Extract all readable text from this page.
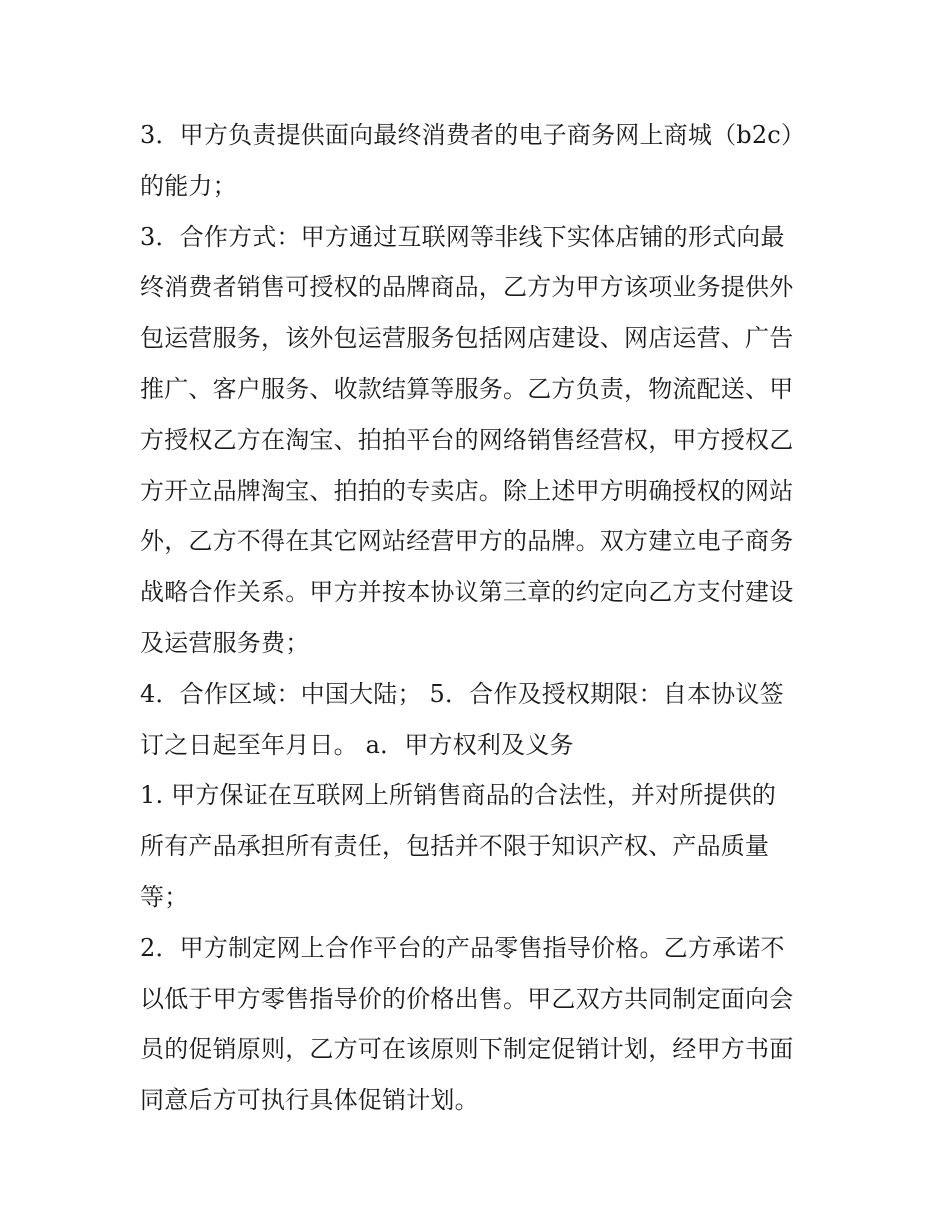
3．甲方负责提供面向最终消费者的电子商务网上商城（b2c）
的能力；
3．合作方式：甲方通过互联网等非线下实体店铺的形式向最
终消费者销售可授权的品牌商品，乙方为甲方该项业务提供外
包运营服务，该外包运营服务包括网店建设、网店运营、广告
推广、客户服务、收款结算等服务。乙方负责，物流配送、甲
方授权乙方在淘宝、拍拍平台的网络销售经营权，甲方授权乙
方开立品牌淘宝、拍拍的专卖店。除上述甲方明确授权的网站
外，乙方不得在其它网站经营甲方的品牌。双方建立电子商务
战略合作关系。甲方并按本协议第三章的约定向乙方支付建设
及运营服务费；
4．合作区域：中国大陆； 5．合作及授权期限：自本协议签
订之日起至年月日。 a．甲方权利及义务
1. 甲方保证在互联网上所销售商品的合法性，并对所提供的
所有产品承担所有责任，包括并不限于知识产权、产品质量
等；
2．甲方制定网上合作平台的产品零售指导价格。乙方承诺不
以低于甲方零售指导价的价格出售。甲乙双方共同制定面向会
员的促销原则，乙方可在该原则下制定促销计划，经甲方书面
同意后方可执行具体促销计划。
